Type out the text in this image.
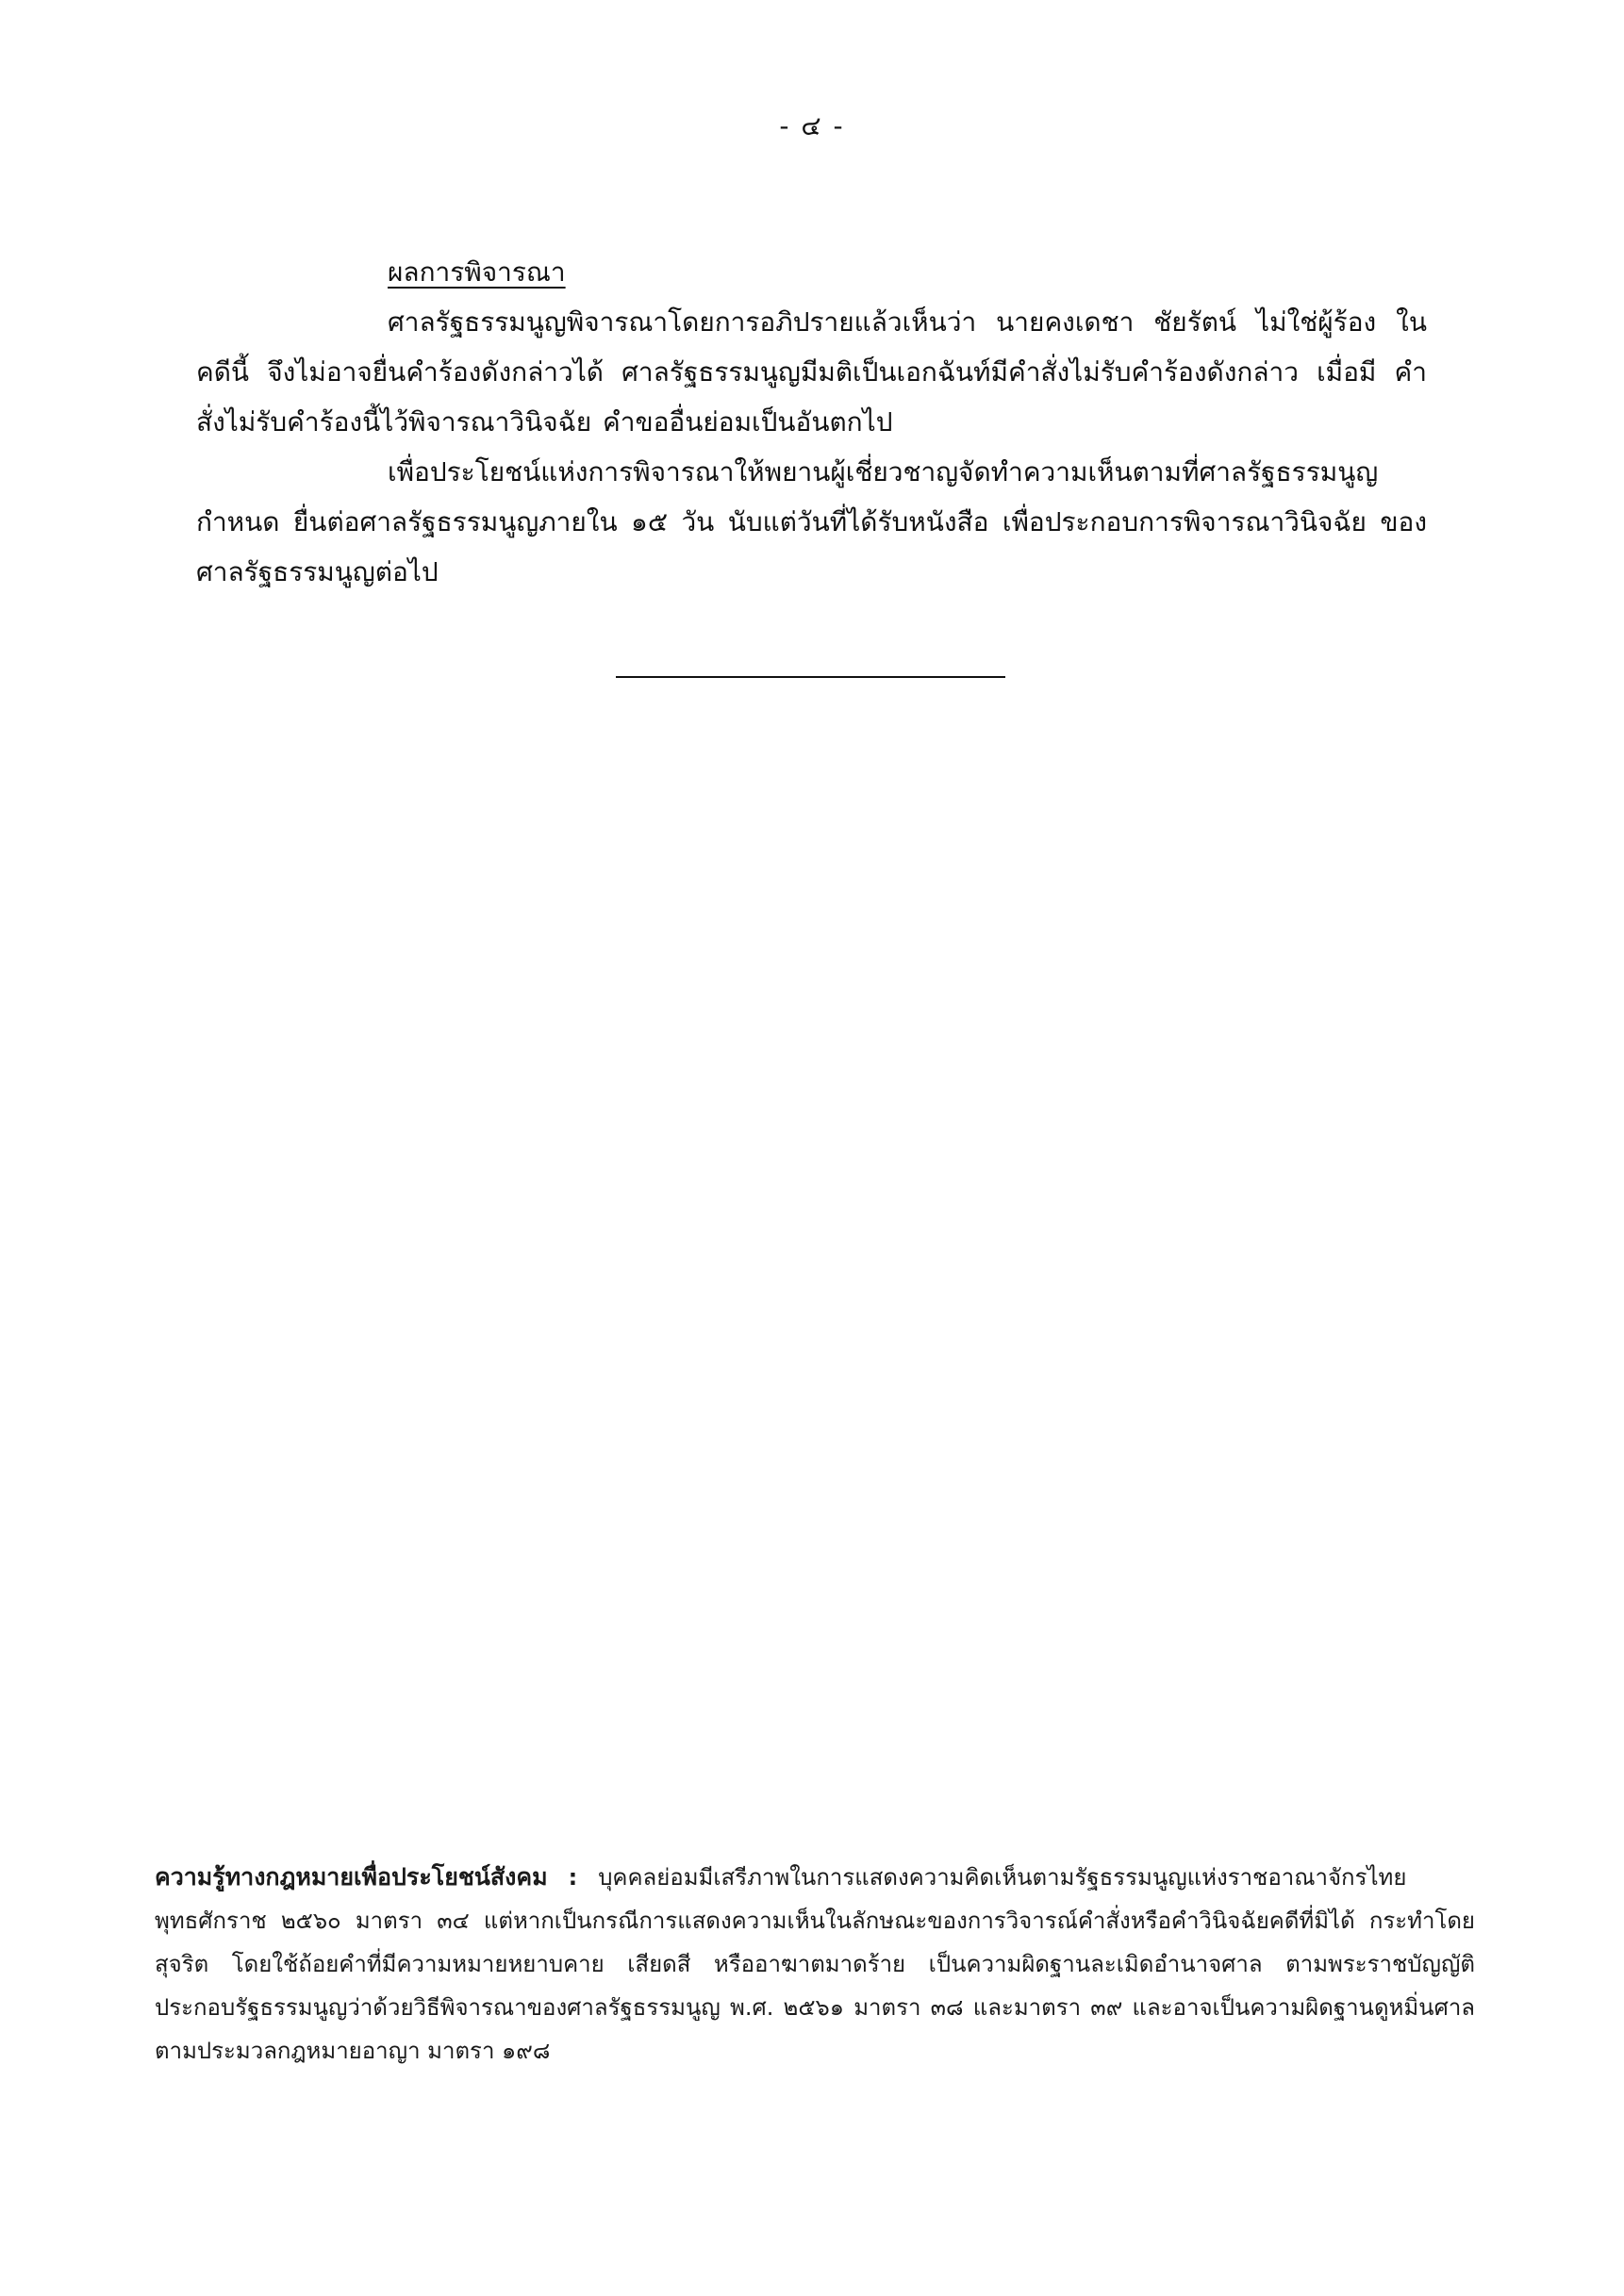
- ๔ -
ผลการพิจารณา

ศาลรัฐธรรมนูญพิจารณาโดยการอภิปรายแล้วเห็นว่า นายคงเดชา ชัยรัตน์ ไม่ใช่ผู้ร้อง ในคดีนี้ จึงไม่อาจยื่นคำร้องดังกล่าวได้ ศาลรัฐธรรมนูญมีมติเป็นเอกฉันท์มีคำสั่งไม่รับคำร้องดังกล่าว เมื่อมี คำสั่งไม่รับคำร้องนี้ไว้พิจารณาวินิจฉัย คำขออื่นย่อมเป็นอันตกไป

เพื่อประโยชน์แห่งการพิจารณาให้พยานผู้เชี่ยวชาญจัดทำความเห็นตามที่ศาลรัฐธรรมนูญ กำหนด ยื่นต่อศาลรัฐธรรมนูญภายใน ๑๕ วัน นับแต่วันที่ได้รับหนังสือ เพื่อประกอบการพิจารณาวินิจฉัย ของศาลรัฐธรรมนูญต่อไป

ความรู้ทางกฎหมายเพื่อประโยชน์สังคม : บุคคลย่อมมีเสรีภาพในการแสดงความคิดเห็นตามรัฐธรรมนูญแห่งราชอาณาจักรไทย พุทธศักราช ๒๕๖๐ มาตรา ๓๔ แต่หากเป็นกรณีการแสดงความเห็นในลักษณะของการวิจารณ์คำสั่งหรือคำวินิจฉัยคดีที่มิได้ กระทำโดยสุจริต โดยใช้ถ้อยคำที่มีความหมายหยาบคาย เสียดสี หรืออาฆาตมาดร้าย เป็นความผิดฐานละเมิดอำนาจศาล ตามพระราชบัญญัติประกอบรัฐธรรมนูญว่าด้วยวิธีพิจารณาของศาลรัฐธรรมนูญ พ.ศ. ๒๕๖๑ มาตรา ๓๘ และมาตรา ๓๙ และอาจเป็นความผิดฐานดูหมิ่นศาลตามประมวลกฎหมายอาญา มาตรา ๑๙๘
